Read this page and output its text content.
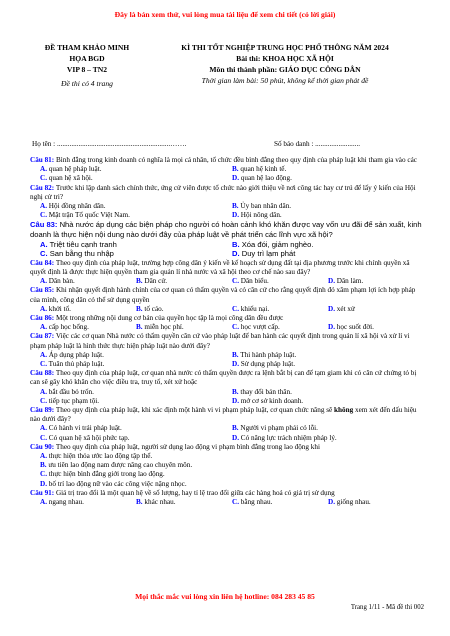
Đây là bản xem thử, vui lòng mua tài liệu để xem chi tiết (có lời giải)
ĐỀ THAM KHẢO MINH
HỌA BGD
VIP 8 – TN2
Đề thi có 4 trang
KÌ THI TỐT NGHIỆP TRUNG HỌC PHỔ THÔNG NĂM 2024
Bài thi: KHOA HỌC XÃ HỘI
Môn thi thành phần: GIÁO DỤC CÔNG DÂN
Thời gian làm bài: 50 phút, không kể thời gian phát đề
Họ tên : ...............................................................…….	Số báo danh : .........................
Câu 81: Bình đẳng trong kinh doanh có nghĩa là mọi cá nhân, tổ chức đều bình đẳng theo quy định của pháp luật khi tham gia vào các
A. quan hệ pháp luật.	B. quan hệ kinh tế.
C. quan hệ xã hội.	D. quan hệ lao động.
Câu 82: Trước khi lập danh sách chính thức, ứng cử viên được tổ chức nào giới thiệu về nơi công tác hay cư trú để lấy ý kiến của Hội nghị cử tri?
A. Hội đồng nhân dân.	B. Ủy ban nhân dân.
C. Mặt trận Tổ quốc Việt Nam.	D. Hội nông dân.
Câu 83: Nhà nước áp dụng các biện pháp cho người có hoàn cảnh khó khăn được vay vốn ưu đãi để sản xuất, kinh doanh là thực hiện nội dung nào dưới đây của pháp luật về phát triển các lĩnh vực xã hội?
A. Triệt tiêu cạnh tranh	B. Xóa đói, giảm nghèo.
C. San bằng thu nhập	D. Duy trì lạm phát
Câu 84: Theo quy định của pháp luật, trường hợp công dân ý kiến về kế hoạch sử dụng đất tại địa phương trước khi chính quyền xã quyết định là được thực hiện quyền tham gia quản lí nhà nước và xã hội theo cơ chế nào sau đây?
A. Dân bàn.	B. Dân cử.	C. Dân biểu.	D. Dân làm.
Câu 85: Khi nhận quyết định hành chính của cơ quan có thẩm quyền và có căn cứ cho rằng quyết định đó xâm phạm lợi ích hợp pháp của mình, công dân có thể sử dụng quyền
A. khởi tố.	B. tố cáo.	C. khiếu nại.	D. xét xử
Câu 86: Một trong những nội dung cơ bản của quyền học tập là mọi công dân đều được
A. cấp học bổng.	B. miễn học phí.	C. học vượt cấp.	D. học suốt đời.
Câu 87: Việc các cơ quan Nhà nước có thẩm quyền căn cứ vào pháp luật để ban hành các quyết định trong quản lí xã hội và xử lí vi phạm pháp luật là hình thức thực hiện pháp luật nào dưới đây?
A. Áp dụng pháp luật.	B. Thi hành pháp luật.
C. Tuân thủ pháp luật.	D. Sử dụng pháp luật.
Câu 88: Theo quy định của pháp luật, cơ quan nhà nước có thẩm quyền được ra lệnh bắt bị can để tạm giam khi có căn cứ chứng tỏ bị can sẽ gây khó khăn cho việc điều tra, truy tố, xét xử hoặc
A. bắt đầu bỏ trốn.	B. thay đổi bản thân.
C. tiếp tục phạm tội.	D. mở cơ sở kinh doanh.
Câu 89: Theo quy định của pháp luật, khi xác định một hành vi vi phạm pháp luật, cơ quan chức năng sẽ không xem xét đến dấu hiệu nào dưới đây?
A. Có hành vi trái pháp luật.	B. Người vi phạm phải có lỗi.
C. Có quan hệ xã hội phức tạp.	D. Có năng lực trách nhiệm pháp lý.
Câu 90: Theo quy định của pháp luật, người sử dụng lao động vi phạm bình đẳng trong lao động khi
A. thực hiện thỏa ước lao động tập thể.
B. ưu tiên lao động nam được nâng cao chuyên môn.
C. thực hiện bình đẳng giới trong lao động.
D. bố trí lao động nữ vào các công việc nặng nhọc.
Câu 91: Giá trị trao đổi là một quan hệ về số lượng, hay tỉ lệ trao đổi giữa các hàng hoá có giá trị sử dụng
A. ngang nhau.	B. khác nhau.	C. bằng nhau.	D. giống nhau.
Mọi thắc mắc vui lòng xin liên hệ hotline: 084 283 45 85
Trang 1/11 - Mã đề thi 002
